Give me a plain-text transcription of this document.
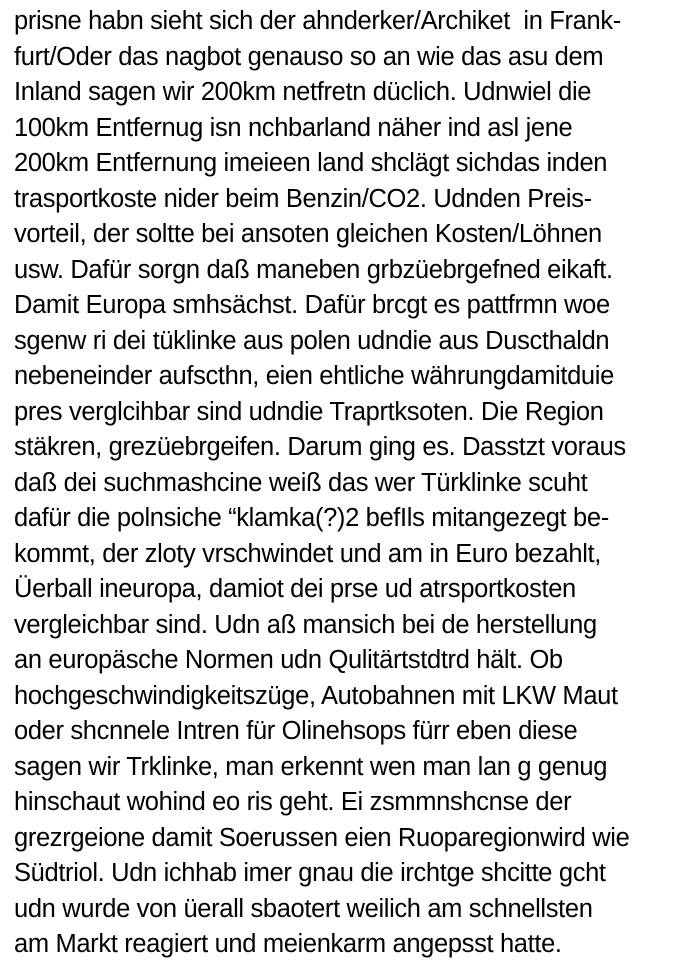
prisne habn sieht sich der ahnderker/Archiket  in Frank-
furt/Oder das nagbot genauso so an wie das asu dem
Inland sagen wir 200km netfretn düclich. Udnwiel die
100km Entfernug isn nchbarland näher ind asl jene
200km Entfernung imeieen land shclägt sichdas inden
trasportkoste nider beim Benzin/CO2. Udnden Preis-
vorteil, der soltte bei ansoten gleichen Kosten/Löhnen
usw. Dafür sorgn daß maneben grbzüebrgefned eikaft.
Damit Europa smhsächst. Dafür brcgt es pattfrmn woe
sgenw ri dei tüklinke aus polen udndie aus Duscthaldn
nebeneinder aufscthn, eien ehtliche währungdamitduie
pres verglcihbar sind udndie Traprtksoten. Die Region
stäkren, grezüebrgeifen. Darum ging es. Dasstzt voraus
daß dei suchmashcine weiß das wer Türklinke scuht
dafür die polnsiche “klamka(?)2 befIls mitangezegt be-
kommt, der zloty vrschwindet und am in Euro bezahlt,
Üerball ineuropa, damiot dei prse ud atrsportkosten
vergleichbar sind. Udn aß mansich bei de herstellung
an europäsche Normen udn Qulitärtstdtrd hält. Ob
hochgeschwindigkeitszüge, Autobahnen mit LKW Maut
oder shcnnele Intren für Olinehsops fürr eben diese
sagen wir Trklinke, man erkennt wen man lan g genug
hinschaut wohind eo ris geht. Ei zsmmnshcnse der
grezrgeione damit Soerussen eien Ruoparegionwird wie
Südtriol. Udn ichhab imer gnau die irchtge shcitte gcht
udn wurde von üerall sbaotert weilich am schnellsten
am Markt reagiert und meienkarm angepsst hatte.
